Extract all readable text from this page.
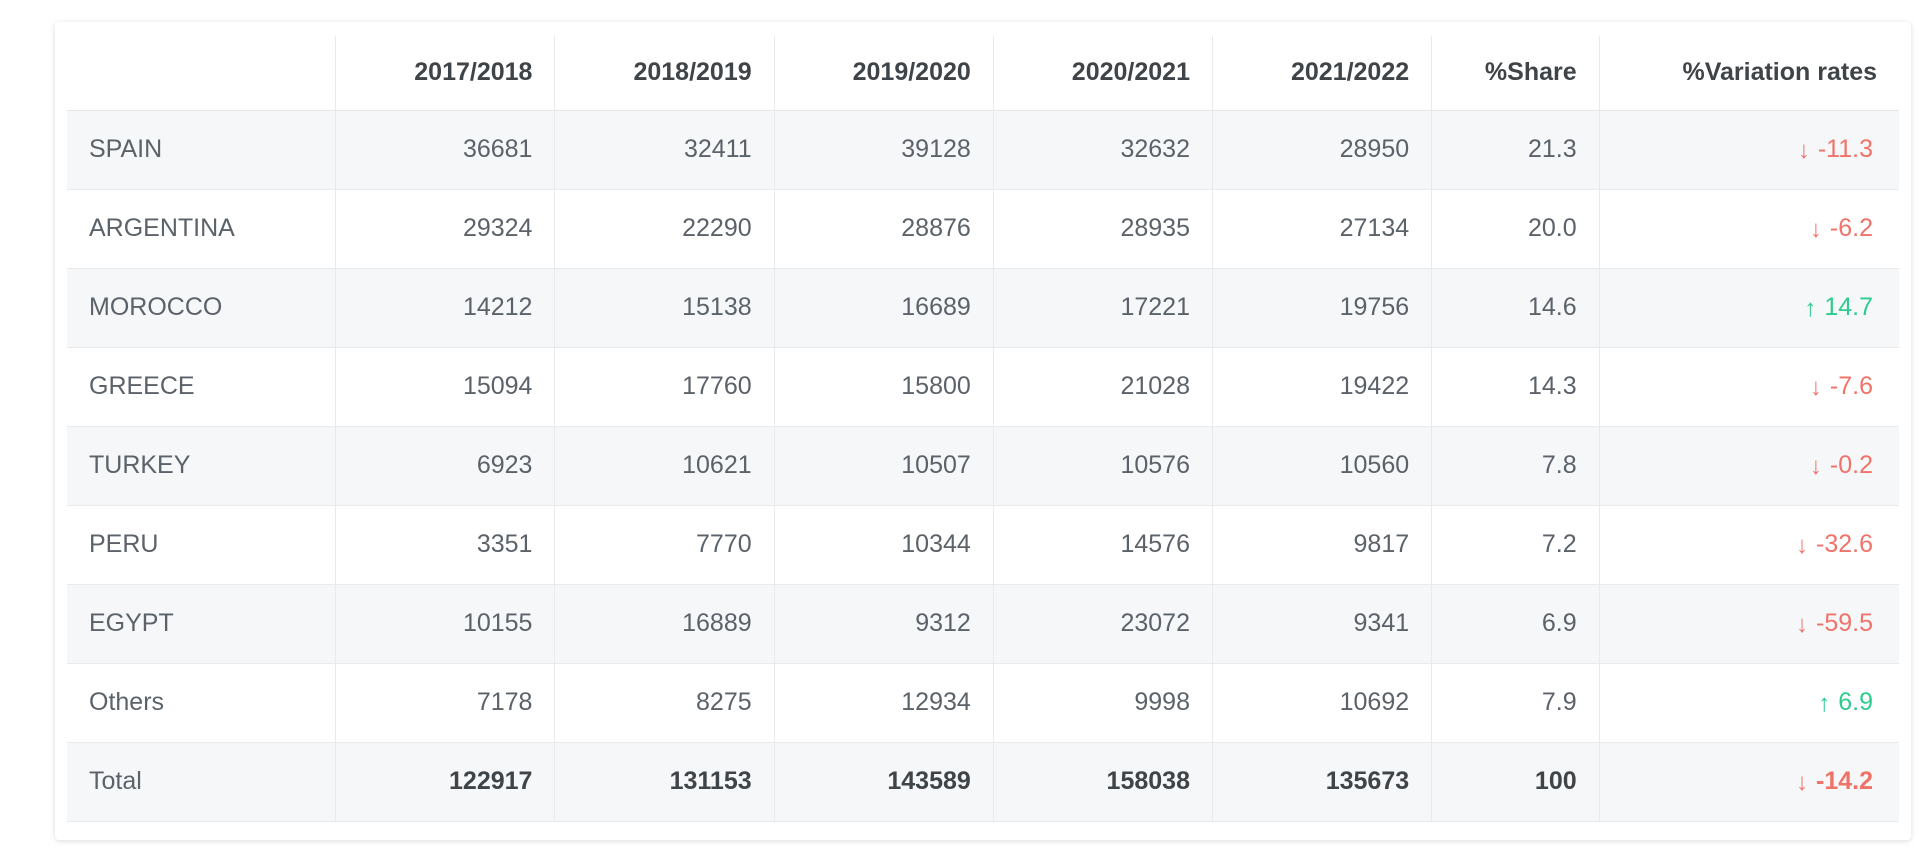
	2017/2018	2018/2019	2019/2020	2020/2021	2021/2022	%Share	%Variation rates
SPAIN	36681	32411	39128	32632	28950	21.3	↓ -11.3
ARGENTINA	29324	22290	28876	28935	27134	20.0	↓ -6.2
MOROCCO	14212	15138	16689	17221	19756	14.6	↑ 14.7
GREECE	15094	17760	15800	21028	19422	14.3	↓ -7.6
TURKEY	6923	10621	10507	10576	10560	7.8	↓ -0.2
PERU	3351	7770	10344	14576	9817	7.2	↓ -32.6
EGYPT	10155	16889	9312	23072	9341	6.9	↓ -59.5
Others	7178	8275	12934	9998	10692	7.9	↑ 6.9
Total	122917	131153	143589	158038	135673	100	↓ -14.2
